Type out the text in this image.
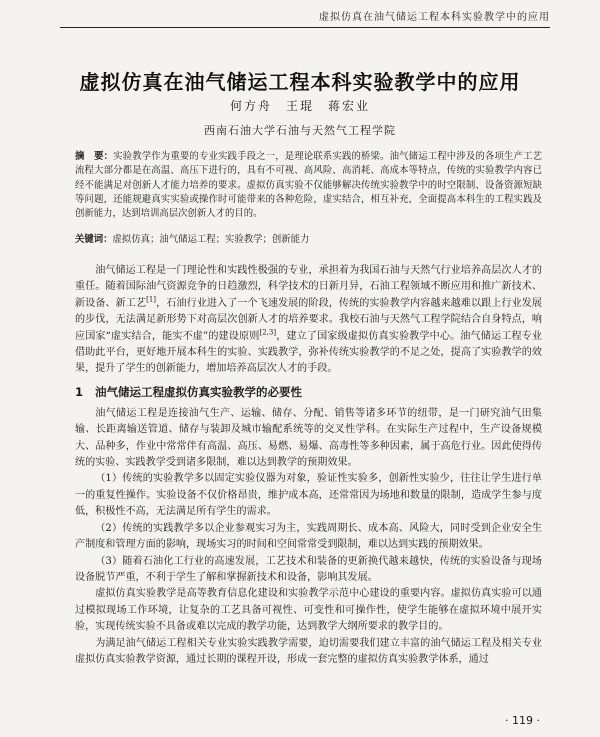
虚拟仿真在油气储运工程本科实验教学中的应用
虚拟仿真在油气储运工程本科实验教学中的应用
何方舟　王琨　蒋宏业
西南石油大学石油与天然气工程学院

摘　要：实验教学作为重要的专业实践手段之一，是理论联系实践的桥梁。油气储运工程中涉及的各项生产工艺流程大部分都是在高温、高压下进行的，具有不可视、高风险、高消耗、高成本等特点，传统的实验教学内容已经不能满足对创新人才能力培养的要求。虚拟仿真实验不仅能够解决传统实验教学中的时空限制、设备资源短缺等问题，还能规避真实实验或操作时可能带来的各种危险，虚实结合，相互补充，全面提高本科生的工程实践及创新能力，达到培训高层次创新人才的目的。

关键词：虚拟仿真；油气储运工程；实验教学；创新能力

油气储运工程是一门理论性和实践性极强的专业，承担着为我国石油与天然气行业培养高层次人才的重任。随着国际油气资源竞争的日趋激烈，科学技术的日新月异，石油工程领域不断应用和推广新技术、新设备、新工艺[1]，石油行业进入了一个飞速发展的阶段，传统的实验教学内容越来越难以跟上行业发展的步伐，无法满足新形势下对高层次创新人才的培养要求。我校石油与天然气工程学院结合自身特点，响应国家“虚实结合，能实不虚”的建设原则[2,3]，建立了国家级虚拟仿真实验教学中心。油气储运工程专业借助此平台，更好地开展本科生的实验、实践教学，弥补传统实验教学的不足之处，提高了实验教学的效果，提升了学生的创新能力，增加培养高层次人才的手段。

1 油气储运工程虚拟仿真实验教学的必要性

油气储运工程是连接油气生产、运输、储存、分配、销售等诸多环节的纽带，是一门研究油气田集输、长距离输送管道、储存与装卸及城市输配系统等的交叉性学科。在实际生产过程中，生产设备规模大、品种多，作业中常常伴有高温、高压、易燃、易爆、高毒性等多种因素，属于高危行业。因此使得传统的实验、实践教学受到诸多限制，难以达到教学的预期效果。

（1）传统的实验教学多以固定实验仪器为对象，验证性实验多，创新性实验少，往往让学生进行单一的重复性操作。实验设备不仅价格昂贵，维护成本高，还常常因为场地和数量的限制，造成学生参与度低，积极性不高，无法满足所有学生的需求。

（2）传统的实践教学多以企业参观实习为主，实践周期长、成本高、风险大，同时受到企业安全生产制度和管理方面的影响，现场实习的时间和空间常常受到限制，难以达到实践的预期效果。

（3）随着石油化工行业的高速发展，工艺技术和装备的更新换代越来越快，传统的实验设备与现场设备脱节严重，不利于学生了解和掌握新技术和设备，影响其发展。

虚拟仿真实验教学是高等教育信息化建设和实验教学示范中心建设的重要内容。虚拟仿真实验可以通过模拟现场工作环境，让复杂的工艺具备可视性、可变性和可操作性，使学生能够在虚拟环境中展开实验，实现传统实验不具备或难以完成的教学功能，达到教学大纲所要求的教学目的。

为满足油气储运工程相关专业实验实践教学需要，迫切需要我们建立丰富的油气储运工程及相关专业虚拟仿真实验教学资源，通过长期的课程开设，形成一套完整的虚拟仿真实验教学体系，通过

· 119 ·
